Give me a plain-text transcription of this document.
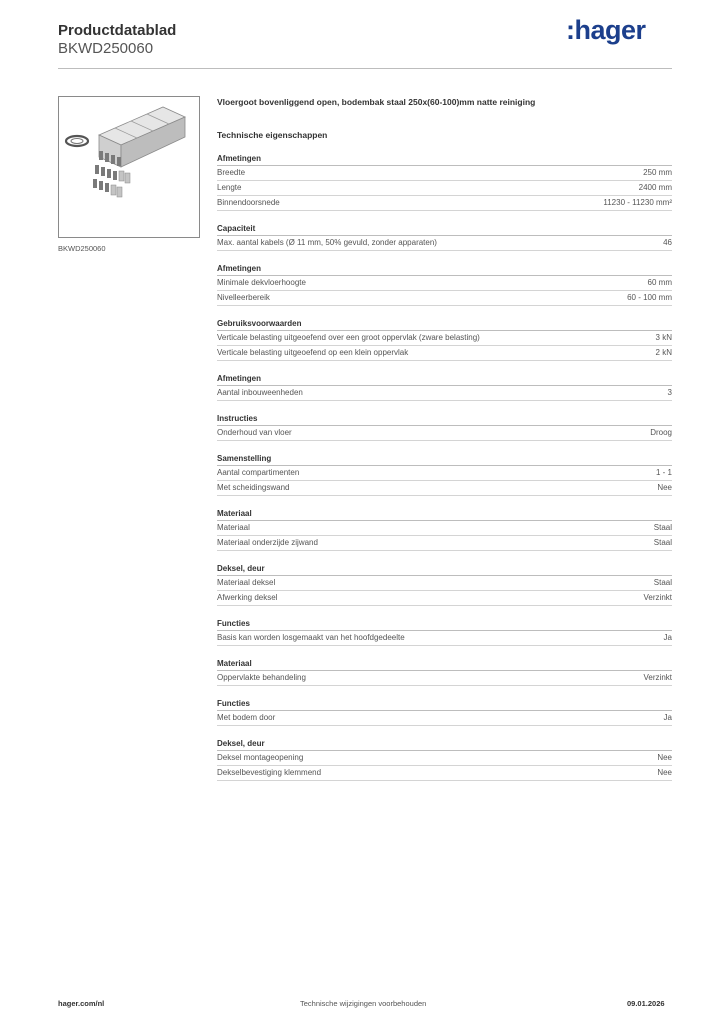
Productdatablad
BKWD250060
:hager
BKWD250060
Vloergoot bovenliggend open, bodembak staal 250x(60-100)mm natte reiniging
Technische eigenschappen
Afmetingen
Breedte	250 mm
Lengte	2400 mm
Binnendoorsnede	11230 - 11230 mm²
Capaciteit
Max. aantal kabels (Ø 11 mm, 50% gevuld, zonder apparaten)	46
Afmetingen
Minimale dekvloerhoogte	60 mm
Nivelleerbereik	60 - 100 mm
Gebruiksvoorwaarden
Verticale belasting uitgeoefend over een groot oppervlak (zware belasting)	3 kN
Verticale belasting uitgeoefend op een klein oppervlak	2 kN
Afmetingen
Aantal inbouweenheden	3
Instructies
Onderhoud van vloer	Droog
Samenstelling
Aantal compartimenten	1 - 1
Met scheidingswand	Nee
Materiaal
Materiaal	Staal
Materiaal onderzijde zijwand	Staal
Deksel, deur
Materiaal deksel	Staal
Afwerking deksel	Verzinkt
Functies
Basis kan worden losgemaakt van het hoofdgedeelte	Ja
Materiaal
Oppervlakte behandeling	Verzinkt
Functies
Met bodem door	Ja
Deksel, deur
Deksel montageopening	Nee
Dekselbevestiging klemmend	Nee
hager.com/nl	Technische wijzigingen voorbehouden	09.01.2026
